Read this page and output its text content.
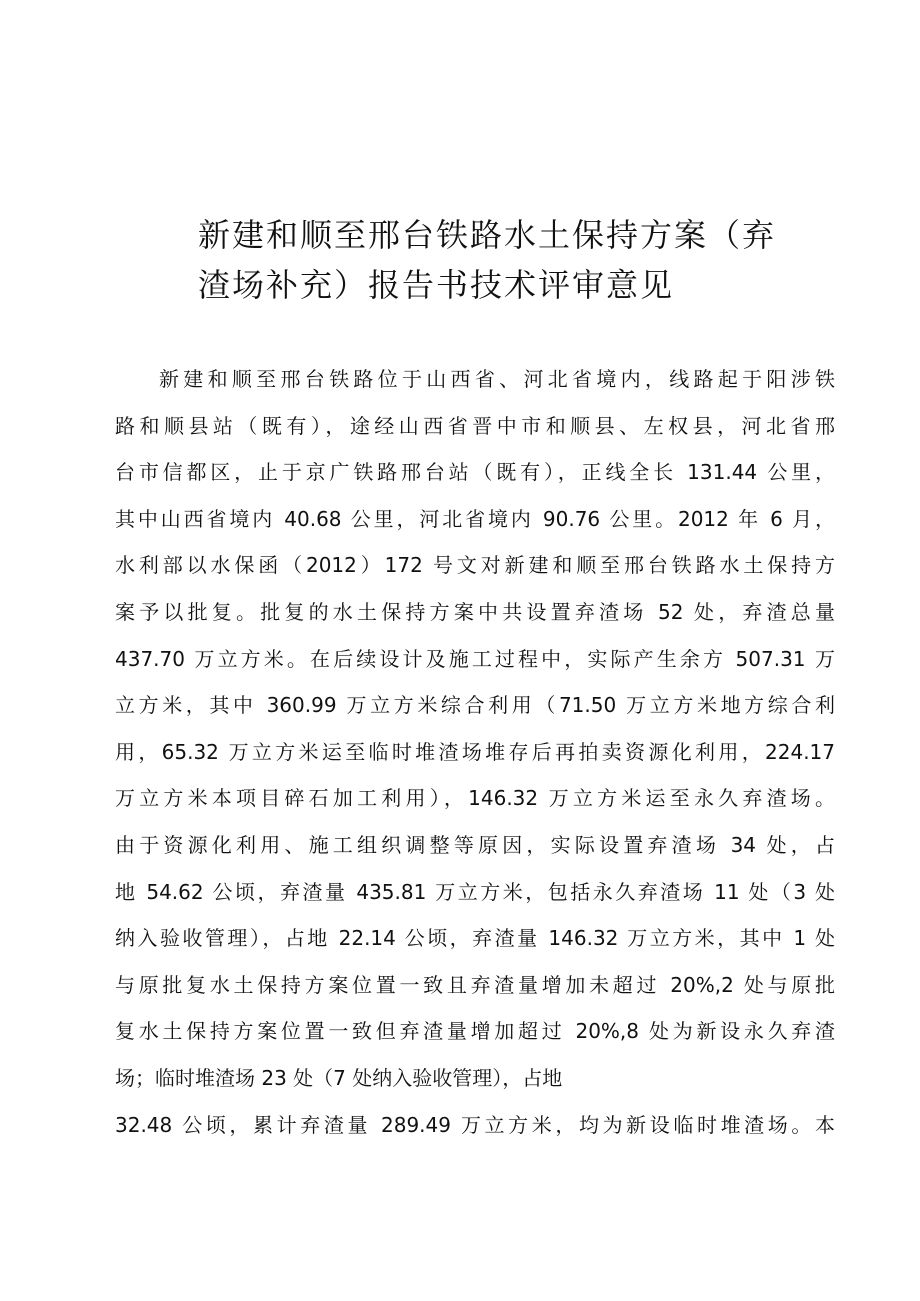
新建和顺至邢台铁路水土保持方案（弃
渣场补充）报告书技术评审意见
新建和顺至邢台铁路位于山西省、河北省境内，线路起于阳涉铁
路和顺县站（既有），途经山西省晋中市和顺县、左权县，河北省邢
台市信都区，止于京广铁路邢台站（既有），正线全长 131.44 公里，
其中山西省境内 40.68 公里，河北省境内 90.76 公里。2012 年 6 月，
水利部以水保函（2012）172 号文对新建和顺至邢台铁路水土保持方
案予以批复。批复的水土保持方案中共设置弃渣场 52 处，弃渣总量
437.70 万立方米。在后续设计及施工过程中，实际产生余方 507.31 万
立方米，其中 360.99 万立方米综合利用（71.50 万立方米地方综合利
用，65.32 万立方米运至临时堆渣场堆存后再拍卖资源化利用，224.17
万立方米本项目碎石加工利用），146.32 万立方米运至永久弃渣场。
由于资源化利用、施工组织调整等原因，实际设置弃渣场 34 处，占
地 54.62 公顷，弃渣量 435.81 万立方米，包括永久弃渣场 11 处（3 处
纳入验收管理），占地 22.14 公顷，弃渣量 146.32 万立方米，其中 1 处
与原批复水土保持方案位置一致且弃渣量增加未超过 20%,2 处与原批
复水土保持方案位置一致但弃渣量增加超过 20%,8 处为新设永久弃渣
场；临时堆渣场 23 处（7 处纳入验收管理），占地
32.48 公顷，累计弃渣量 289.49 万立方米，均为新设临时堆渣场。本
